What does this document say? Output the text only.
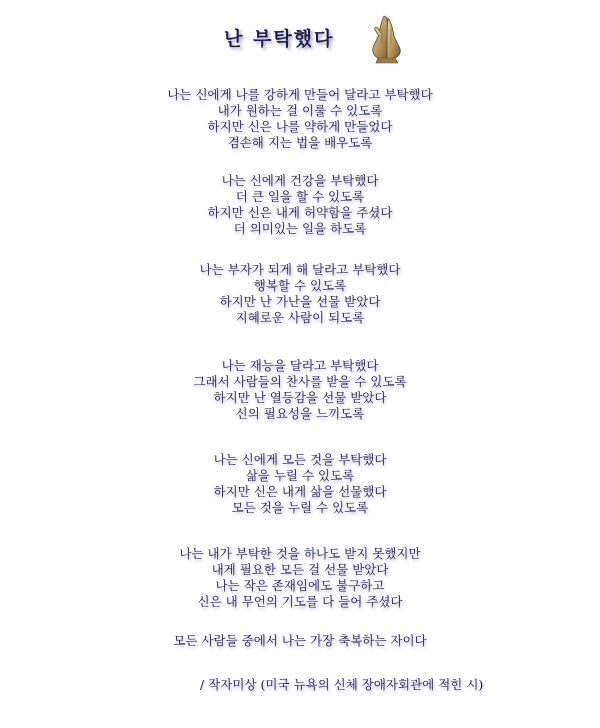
난 부탁했다
나는 신에게 나를 강하게 만들어 달라고 부탁했다
내가 원하는 걸 이룰 수 있도록
하지만 신은 나를 약하게 만들었다
겸손해 지는 법을 배우도록
나는 신에게 건강을 부탁했다
더 큰 일을 할 수 있도록
하지만 신은 내게 허약함을 주셨다
더 의미있는 일을 하도록
나는 부자가 되게 해 달라고 부탁했다
행복할 수 있도록
하지만 난 가난을 선물 받았다
지혜로운 사람이 되도록
나는 재능을 달라고 부탁했다
그래서 사람들의 찬사를 받을 수 있도록
하지만 난 열등감을 선물 받았다
신의 필요성을 느끼도록
나는 신에게 모든 것을 부탁했다
삶을 누릴 수 있도록
하지만 신은 내게 삶을 선물했다
모든 것을 누릴 수 있도록
나는 내가 부탁한 것을 하나도 받지 못했지만
내게 필요한 모든 걸 선물 받았다
나는 작은 존재임에도 불구하고
신은 내 무언의 기도를 다 들어 주셨다
모든 사람들 중에서 나는 가장 축복하는 자이다
/ 작자미상 (미국 뉴욕의 신체 장애자회관에 적힌 시)
